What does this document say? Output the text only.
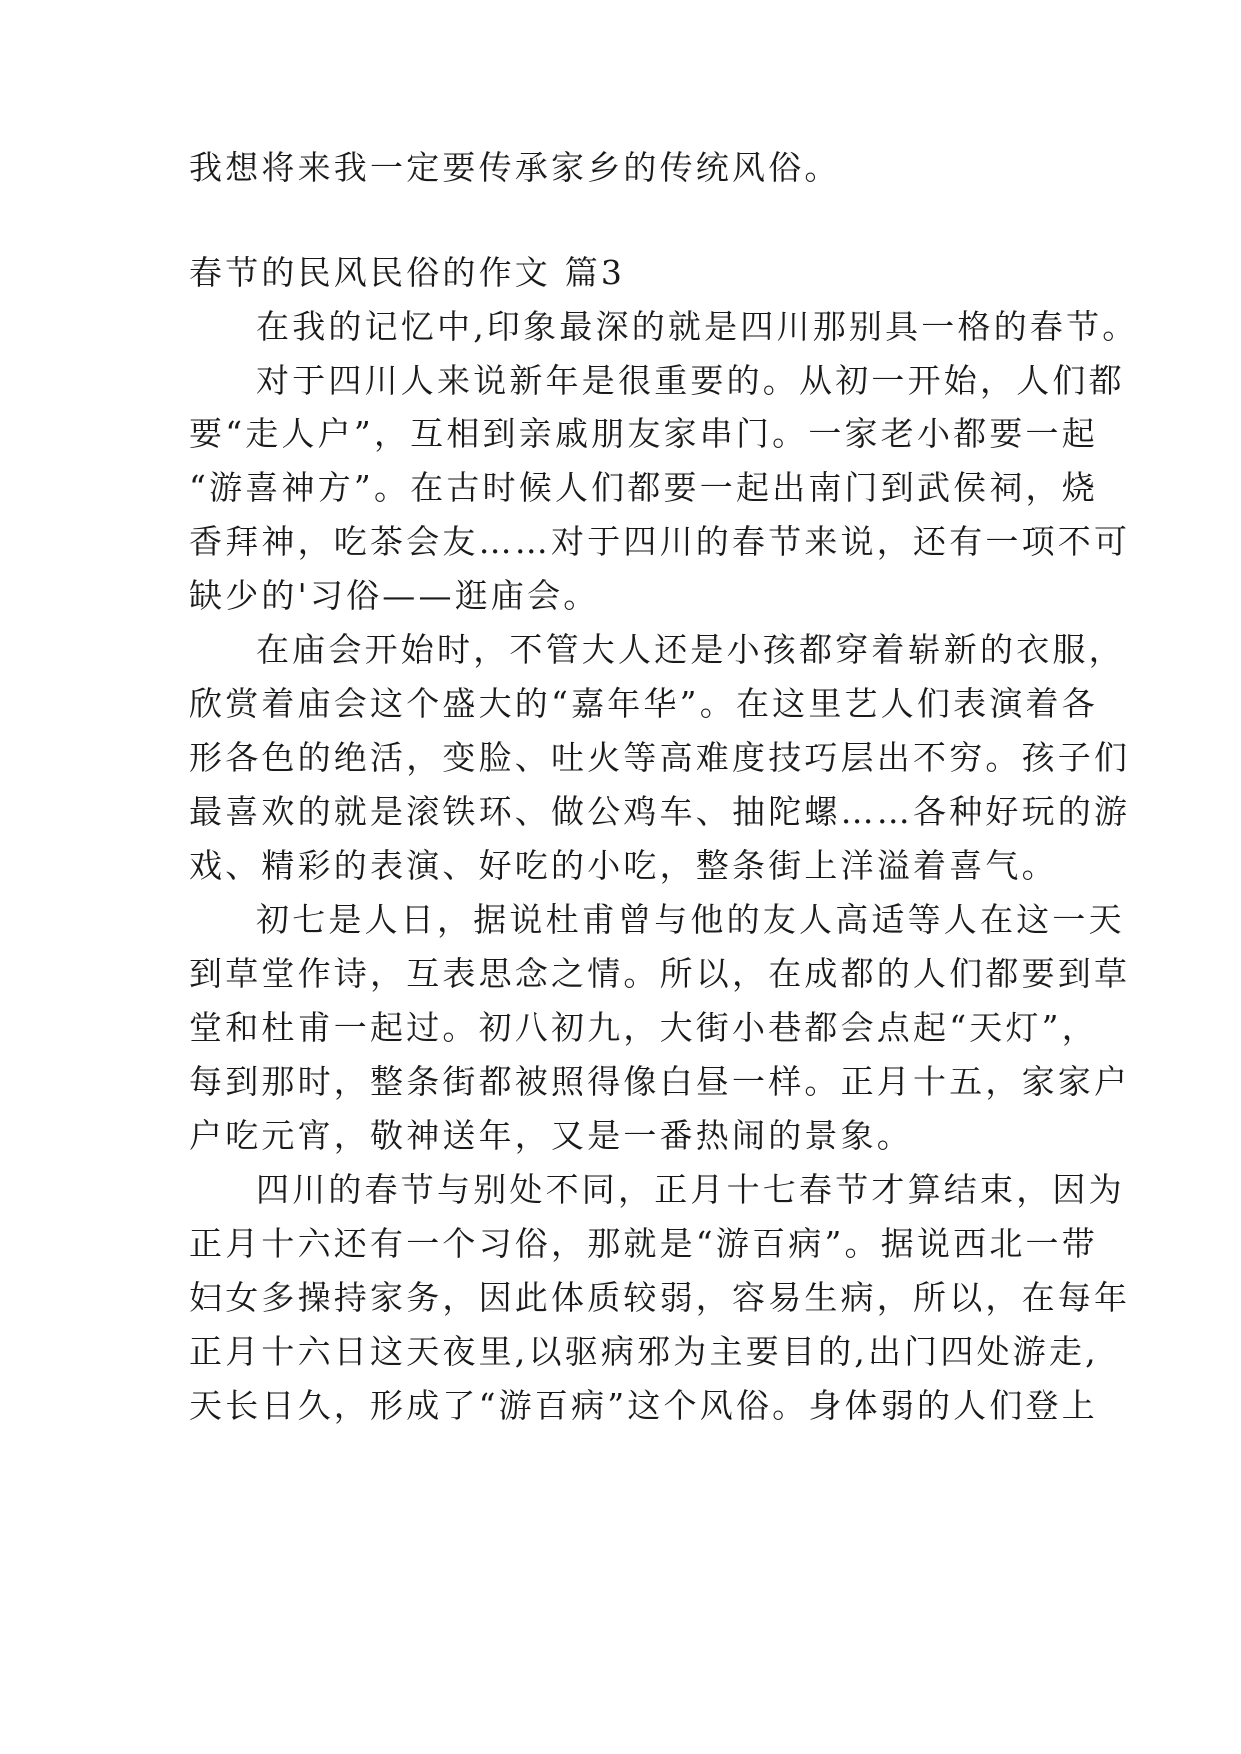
我想将来我一定要传承家乡的传统风俗。
春节的民风民俗的作文 篇3
在我的记忆中,印象最深的就是四川那别具一格的春节。
对于四川人来说新年是很重要的。从初一开始，人们都
要“走人户”，互相到亲戚朋友家串门。一家老小都要一起
“游喜神方”。在古时候人们都要一起出南门到武侯祠，烧
香拜神，吃茶会友……对于四川的春节来说，还有一项不可
缺少的'习俗——逛庙会。
在庙会开始时，不管大人还是小孩都穿着崭新的衣服，
欣赏着庙会这个盛大的“嘉年华”。在这里艺人们表演着各
形各色的绝活，变脸、吐火等高难度技巧层出不穷。孩子们
最喜欢的就是滚铁环、做公鸡车、抽陀螺……各种好玩的游
戏、精彩的表演、好吃的小吃，整条街上洋溢着喜气。
初七是人日，据说杜甫曾与他的友人高适等人在这一天
到草堂作诗，互表思念之情。所以，在成都的人们都要到草
堂和杜甫一起过。初八初九，大街小巷都会点起“天灯”，
每到那时，整条街都被照得像白昼一样。正月十五，家家户
户吃元宵，敬神送年，又是一番热闹的景象。
四川的春节与别处不同，正月十七春节才算结束，因为
正月十六还有一个习俗，那就是“游百病”。据说西北一带
妇女多操持家务，因此体质较弱，容易生病，所以，在每年
正月十六日这天夜里,以驱病邪为主要目的,出门四处游走,
天长日久，形成了“游百病”这个风俗。身体弱的人们登上
